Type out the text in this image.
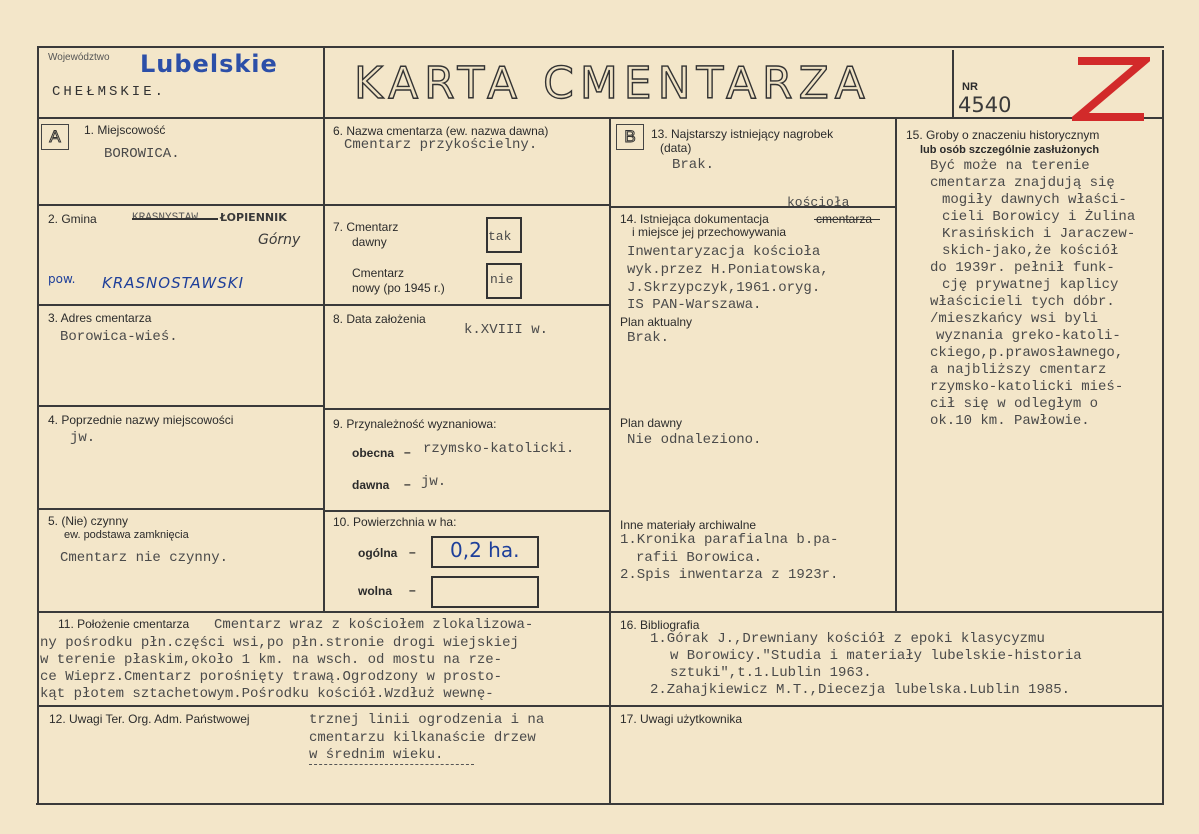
Województwo Lubelskie
CHEŁMSKIE.	KARTA CMENTARZA	NR
4540
A	B
1. Miejscowość
BOROWICA.
2. Gmina	KRASNYSTAW ŁOPIENNIK
Górny
pow. KRASNOSTAWSKI
3. Adres cmentarza
Borowica-wieś.
4. Poprzednie nazwy miejscowości
jw.
5. (Nie) czynny
ew. podstawa zamknięcia
Cmentarz nie czynny.
6. Nazwa cmentarza (ew. nazwa dawna)
Cmentarz przykościelny.
7. Cmentarz
dawny	tak
Cmentarz
nowy (po 1945 r.)
nie
8. Data założenia
k.XVIII w.
9. Przynależność wyznaniowa:
obecna – rzymsko-katolicki.
dawna – jw.
10. Powierzchnia w ha:
ogólna – 0,2 ha.
wolna –
13. Najstarszy istniejący nagrobek
(data)
Brak.
kościoła
14. Istniejąca dokumentacja	cmentarza
i miejsce jej przechowywania
Inwentaryzacja kościoła
wyk.przez H.Poniatowska,
J.Skrzypczyk,1961.oryg.
IS PAN-Warszawa.
Plan aktualny
Brak.
Plan dawny
Nie odnaleziono.
Inne materiały archiwalne
1.Kronika parafialna b.pa-
rafii Borowica.
2.Spis inwentarza z 1923r.
15. Groby o znaczeniu historycznym
lub osób szczególnie zasłużonych
Być może na terenie
cmentarza znajdują się
mogiły dawnych właści-
cieli Borowicy i Żulina
Krasińskich i Jaraczew-
skich-jako,że kościół
do 1939r. pełnił funk-
cję prywatnej kaplicy
właścicieli tych dóbr.
/mieszkańcy wsi byli
wyznania greko-katoli-
ckiego,p.prawosławnego,
a najbliższy cmentarz
rzymsko-katolicki mieś-
cił się w odległym o
ok.10 km. Pawłowie.
11. Położenie cmentarza Cmentarz wraz z kościołem zlokalizowa-
ny pośrodku płn.części wsi,po płn.stronie drogi wiejskiej
w terenie płaskim,około 1 km. na wsch. od mostu na rze-
ce Wieprz.Cmentarz porośnięty trawą.Ogrodzony w prosto-
kąt płotem sztachetowym.Pośrodku kościół.Wzdłuż wewnę-
12. Uwagi Ter. Org. Adm. Państwowej	trznej linii ogrodzenia i na
cmentarzu kilkanaście drzew
w średnim wieku.
16. Bibliografia
1.Górak J.,Drewniany kościół z epoki klasycyzmu
w Borowicy."Studia i materiały lubelskie-historia
sztuki",t.1.Lublin 1963.
2.Zahajkiewicz M.T.,Diecezja lubelska.Lublin 1985.
17. Uwagi użytkownika
